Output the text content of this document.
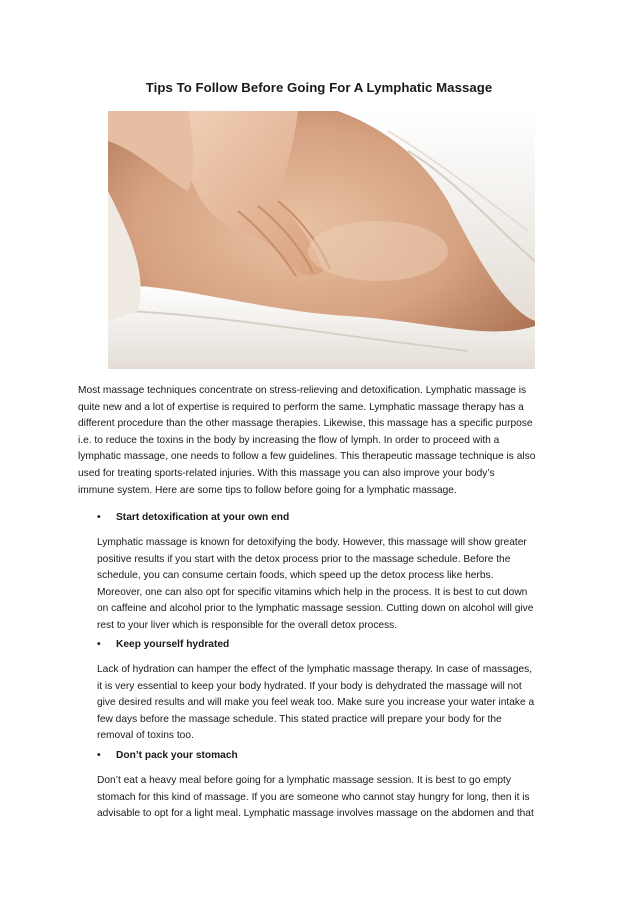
Tips To Follow Before Going For A Lymphatic Massage
Most massage techniques concentrate on stress-relieving and detoxification. Lymphatic massage is
quite new and a lot of expertise is required to perform the same. Lymphatic massage therapy has a
different procedure than the other massage therapies. Likewise, this massage has a specific purpose
i.e. to reduce the toxins in the body by increasing the flow of lymph. In order to proceed with a
lymphatic massage, one needs to follow a few guidelines. This therapeutic massage technique is also
used for treating sports-related injuries. With this massage you can also improve your body’s
immune system. Here are some tips to follow before going for a lymphatic massage.
• Start detoxification at your own end
Lymphatic massage is known for detoxifying the body. However, this massage will show greater
positive results if you start with the detox process prior to the massage schedule. Before the
schedule, you can consume certain foods, which speed up the detox process like herbs.
Moreover, one can also opt for specific vitamins which help in the process. It is best to cut down
on caffeine and alcohol prior to the lymphatic massage session. Cutting down on alcohol will give
rest to your liver which is responsible for the overall detox process.
• Keep yourself hydrated
Lack of hydration can hamper the effect of the lymphatic massage therapy. In case of massages,
it is very essential to keep your body hydrated. If your body is dehydrated the massage will not
give desired results and will make you feel weak too. Make sure you increase your water intake a
few days before the massage schedule. This stated practice will prepare your body for the
removal of toxins too.
• Don’t pack your stomach
Don’t eat a heavy meal before going for a lymphatic massage session. It is best to go empty
stomach for this kind of massage. If you are someone who cannot stay hungry for long, then it is
advisable to opt for a light meal. Lymphatic massage involves massage on the abdomen and that
